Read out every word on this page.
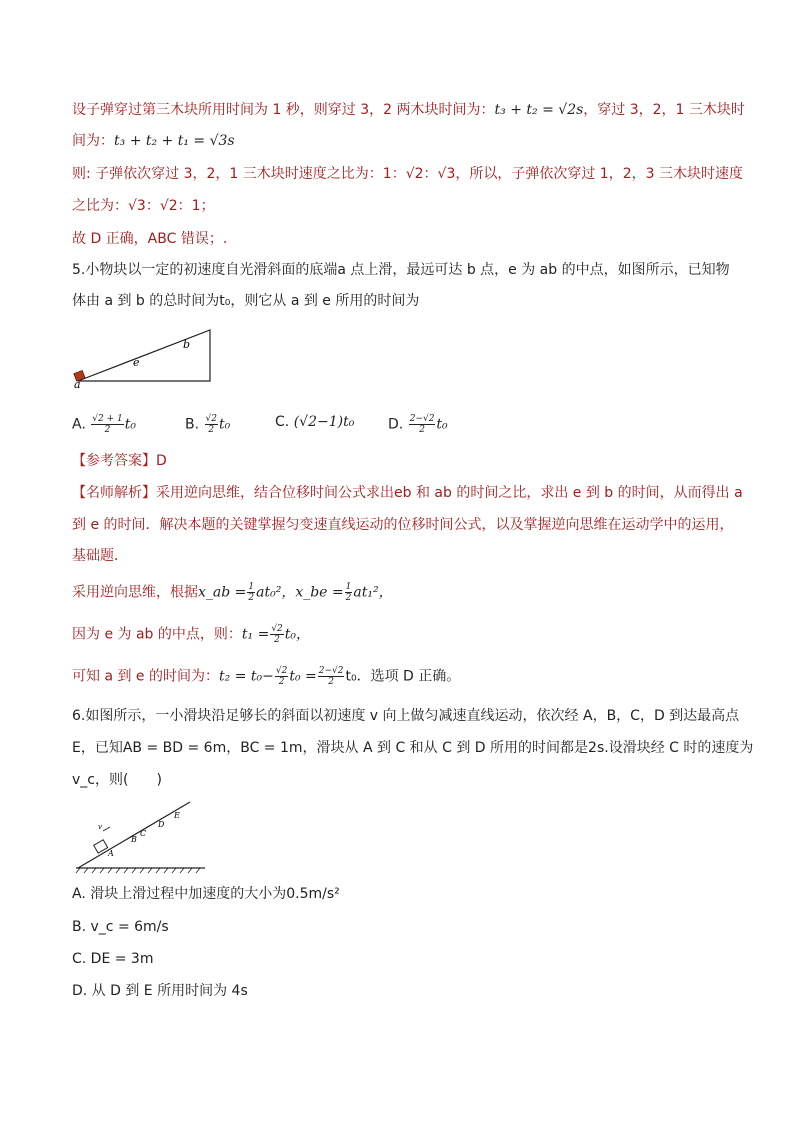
设子弹穿过第三木块所用时间为 1 秒，则穿过 3，2 两木块时间为：t₃ + t₂ = √2s，穿过 3，2，1 三木块时
间为：t₃ + t₂ + t₁ = √3s
则: 子弹依次穿过 3，2，1 三木块时速度之比为：1：√2：√3，所以，子弹依次穿过 1，2，3 三木块时速度
之比为：√3：√2：1；
故 D 正确，ABC 错误；.
5.小物块以一定的初速度自光滑斜面的底端a 点上滑，最远可达 b 点，e 为 ab 的中点，如图所示，已知物
体由 a 到 b 的总时间为t₀，则它从 a 到 e 所用的时间为
a
e
b
A. $\frac{√2 + 1}{2} t_0$	B. $\frac{√2}{2} t_0$	C. (√2−1)t₀ D. $\frac{2-√2}{2} t_0$
【参考答案】D
【名师解析】采用逆向思维，结合位移时间公式求出eb 和 ab 的时间之比，求出 e 到 b 的时间，从而得出 a
到 e 的时间．解决本题的关键掌握匀变速直线运动的位移时间公式，以及掌握逆向思维在运动学中的运用，
基础题．
采用逆向思维，根据x_ab = $\frac{1}{2} at_0^2$，x_be = $\frac{1}{2} at_1^2$，
因为 e 为 ab 的中点，则：$t_1 = \frac{√2}{2} t_0$，
可知 a 到 e 的时间为：$t_2 = t_0- \frac{√2}{2} t_0 = \frac{2-√2}{2} t_0$．选项 D 正确。
6.如图所示，一小滑块沿足够长的斜面以初速度 v 向上做匀减速直线运动，依次经 A，B，C，D 到达最高点
E，已知AB = BD = 6m，BC = 1m，滑块从 A 到 C 和从 C 到 D 所用的时间都是2s.设滑块经 C 时的速度为
v_c，则(　　)
v
A
B
C
D
E
A. 滑块上滑过程中加速度的大小为0.5m/s²
B. v_c = 6m/s
C. DE = 3m
D. 从 D 到 E 所用时间为 4s
